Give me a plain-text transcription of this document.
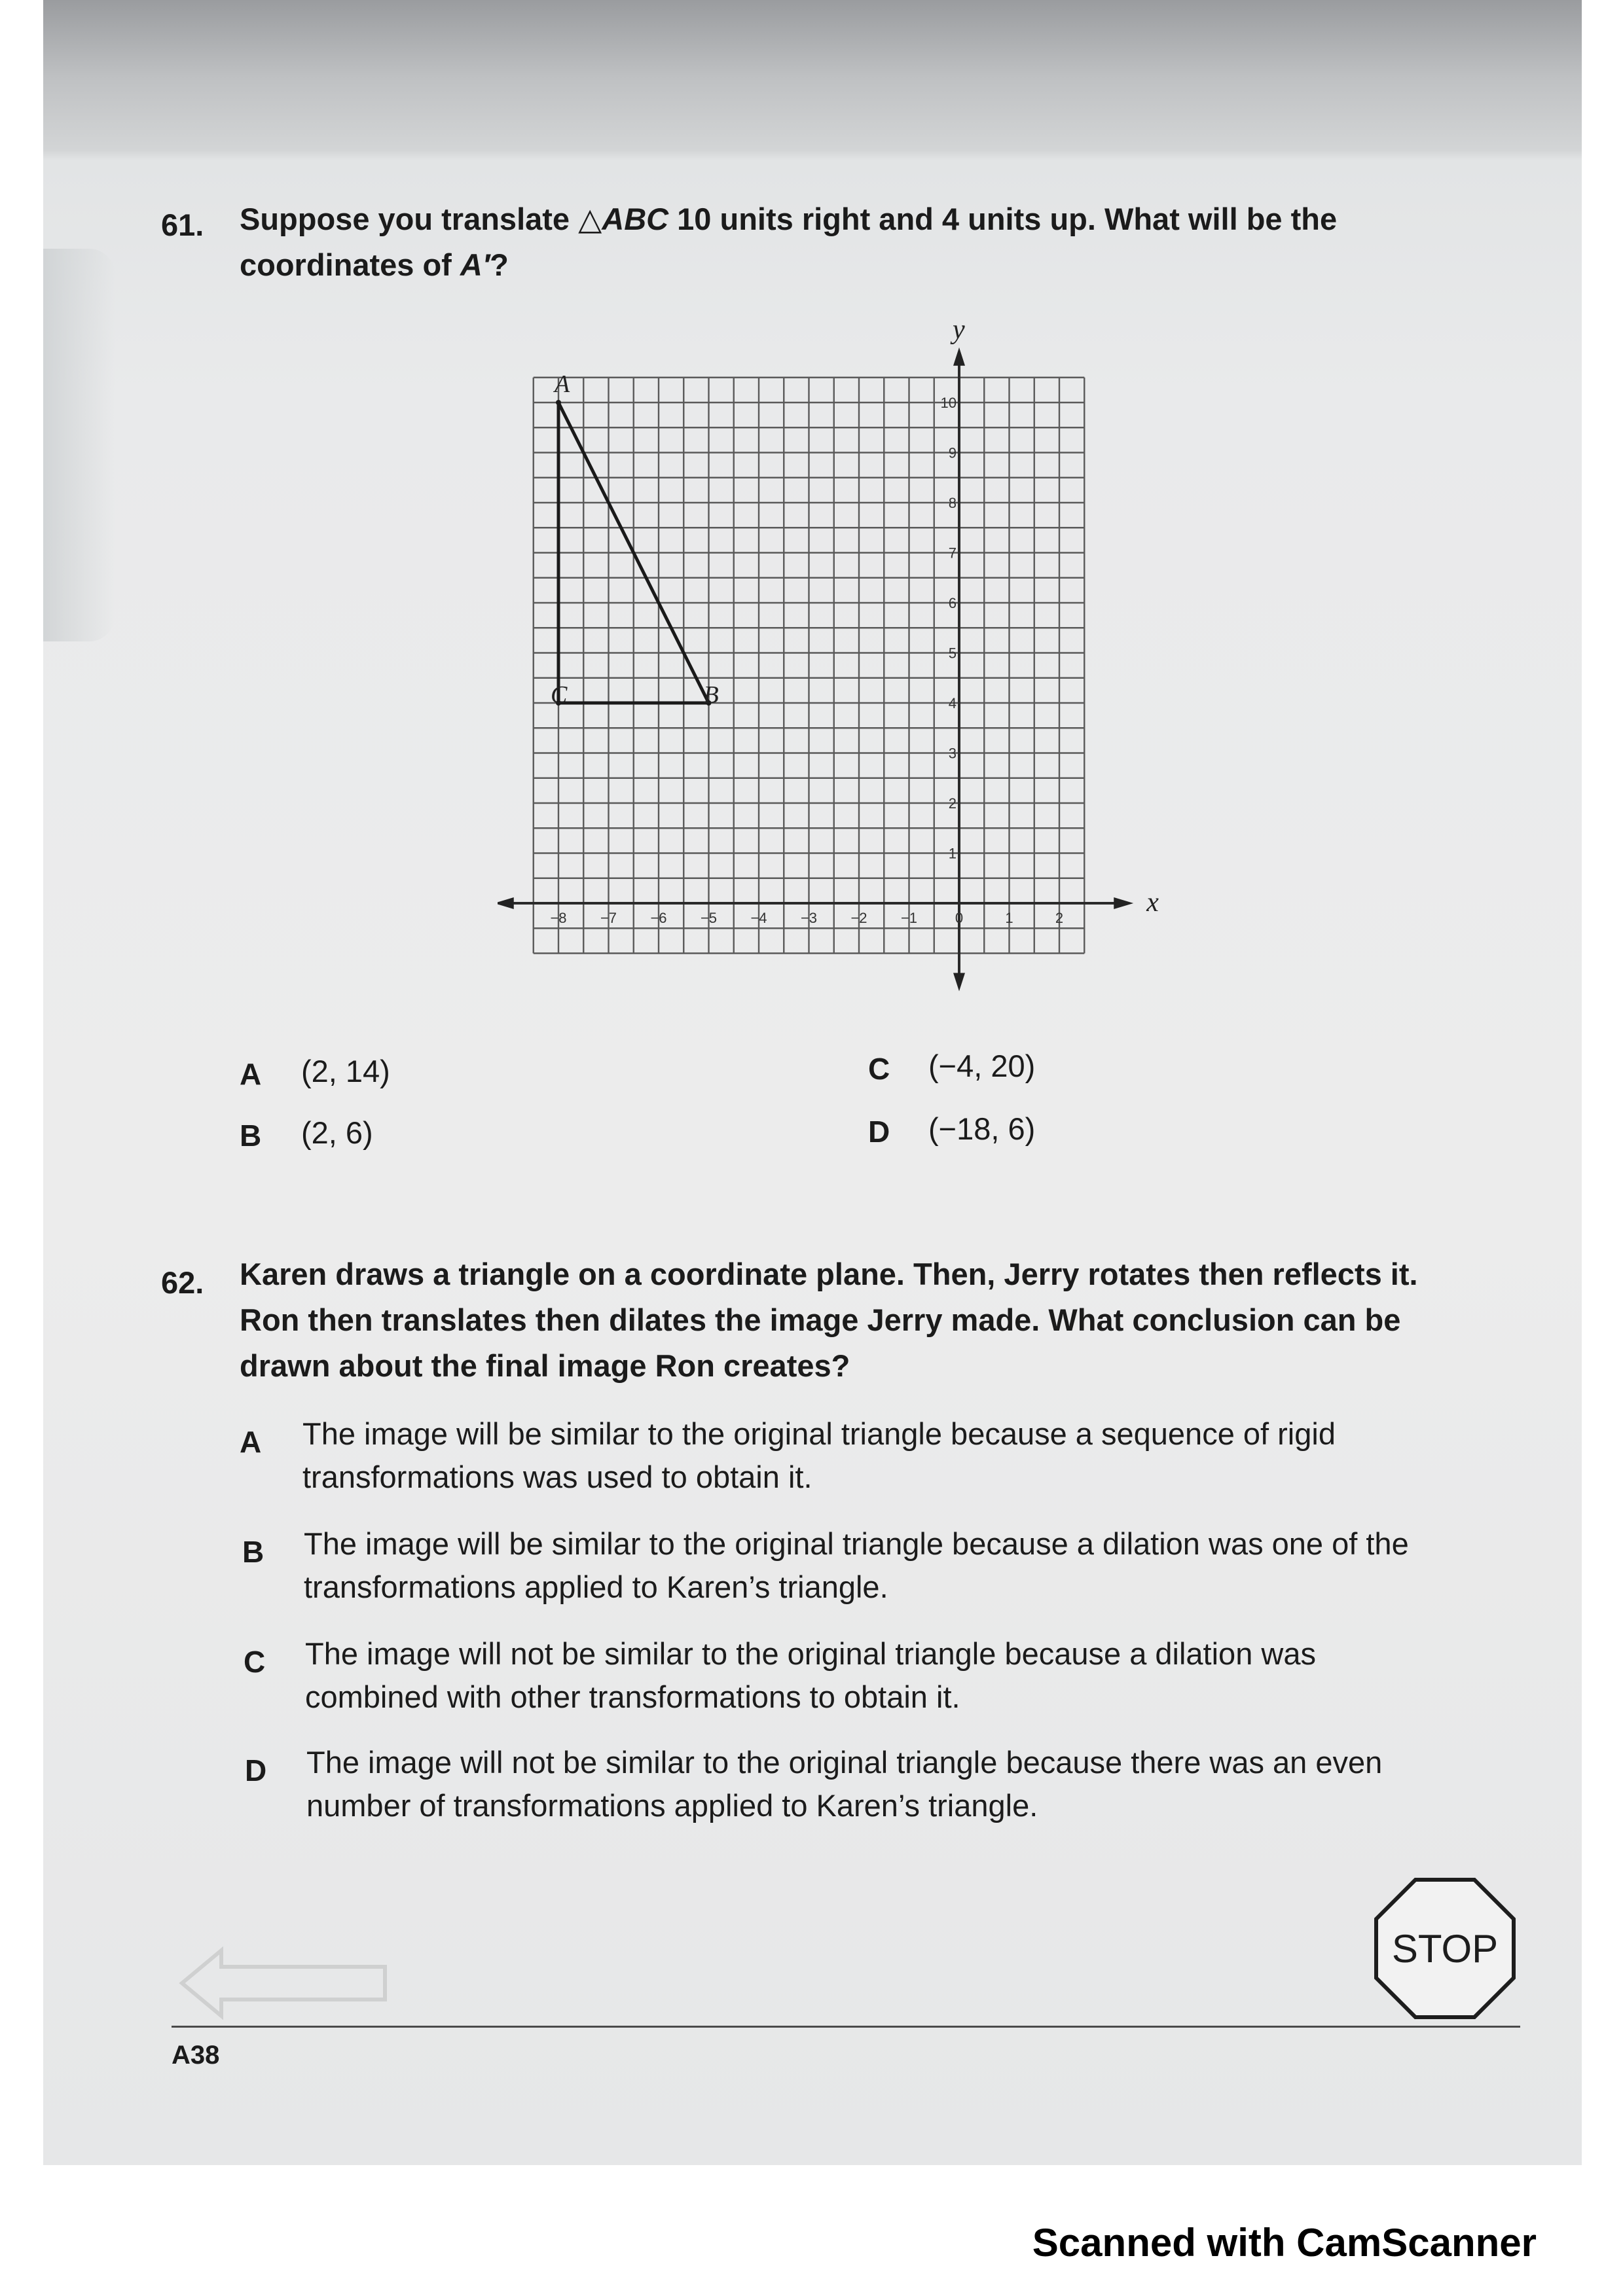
61. Suppose you translate △ABC 10 units right and 4 units up. What will be the
coordinates of A′?
−8 −7 −6 −5 −4 −3 −2 −1	0	1	2
1
2
3
4
5
6
7
8
9
10
A
B
C
x
y
A (2, 14)
B (2, 6)
C (−4, 20)
D (−18, 6)
62. Karen draws a triangle on a coordinate plane. Then, Jerry rotates then reflects it.
Ron then translates then dilates the image Jerry made. What conclusion can be
drawn about the final image Ron creates?
A The image will be similar to the original triangle because a sequence of rigid
transformations was used to obtain it.
B The image will be similar to the original triangle because a dilation was one of the
transformations applied to Karen’s triangle.
C The image will not be similar to the original triangle because a dilation was
combined with other transformations to obtain it.
D The image will not be similar to the original triangle because there was an even
number of transformations applied to Karen’s triangle.
STOP
A38
Scanned with CamScanner
